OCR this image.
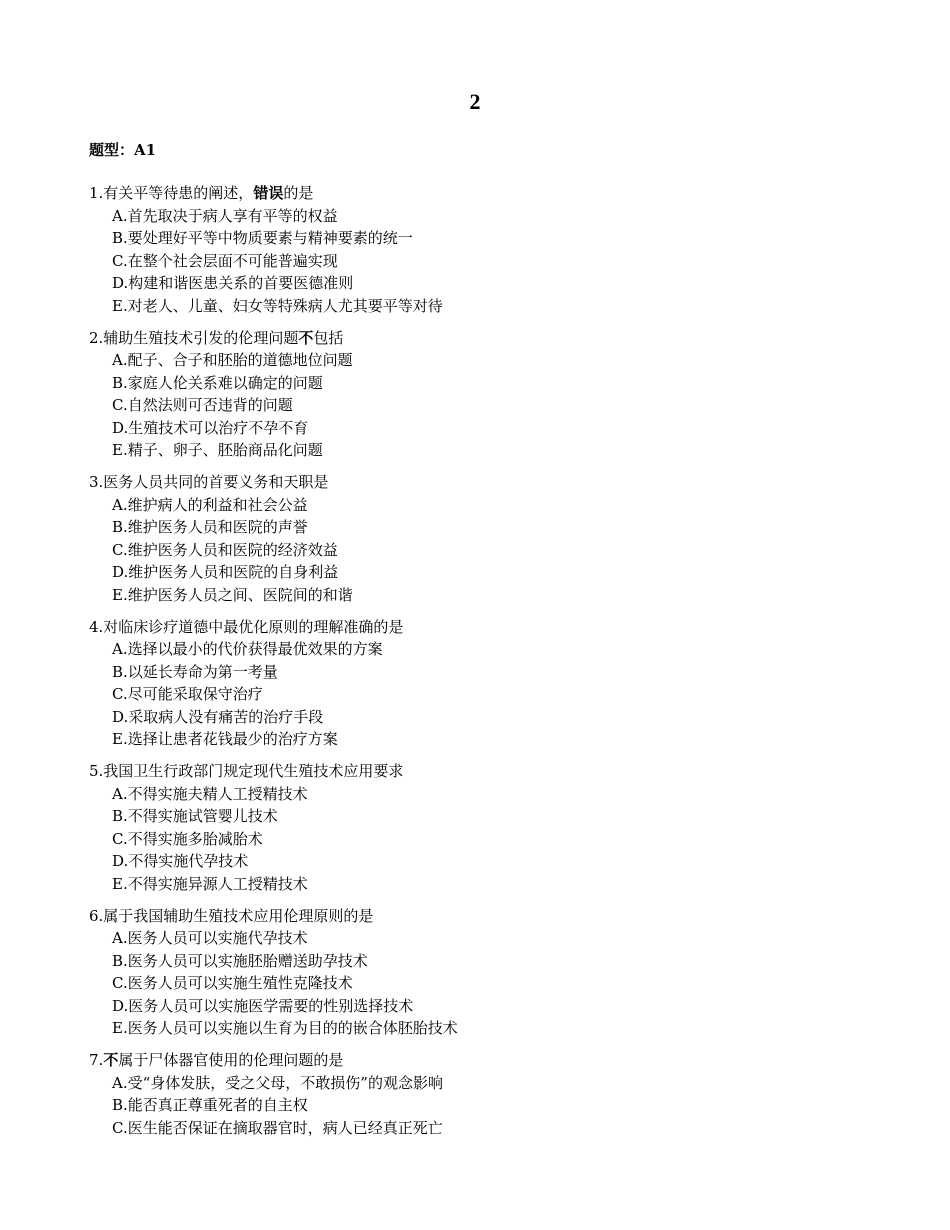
2
题型：A1
1.有关平等待患的阐述，错误的是
A.首先取决于病人享有平等的权益
B.要处理好平等中物质要素与精神要素的统一
C.在整个社会层面不可能普遍实现
D.构建和谐医患关系的首要医德准则
E.对老人、儿童、妇女等特殊病人尤其要平等对待
2.辅助生殖技术引发的伦理问题不包括
A.配子、合子和胚胎的道德地位问题
B.家庭人伦关系难以确定的问题
C.自然法则可否违背的问题
D.生殖技术可以治疗不孕不育
E.精子、卵子、胚胎商品化问题
3.医务人员共同的首要义务和天职是
A.维护病人的利益和社会公益
B.维护医务人员和医院的声誉
C.维护医务人员和医院的经济效益
D.维护医务人员和医院的自身利益
E.维护医务人员之间、医院间的和谐
4.对临床诊疗道德中最优化原则的理解准确的是
A.选择以最小的代价获得最优效果的方案
B.以延长寿命为第一考量
C.尽可能采取保守治疗
D.采取病人没有痛苦的治疗手段
E.选择让患者花钱最少的治疗方案
5.我国卫生行政部门规定现代生殖技术应用要求
A.不得实施夫精人工授精技术
B.不得实施试管婴儿技术
C.不得实施多胎减胎术
D.不得实施代孕技术
E.不得实施异源人工授精技术
6.属于我国辅助生殖技术应用伦理原则的是
A.医务人员可以实施代孕技术
B.医务人员可以实施胚胎赠送助孕技术
C.医务人员可以实施生殖性克隆技术
D.医务人员可以实施医学需要的性别选择技术
E.医务人员可以实施以生育为目的的嵌合体胚胎技术
7.不属于尸体器官使用的伦理问题的是
A.受“身体发肤，受之父母，不敢损伤”的观念影响
B.能否真正尊重死者的自主权
C.医生能否保证在摘取器官时，病人已经真正死亡
